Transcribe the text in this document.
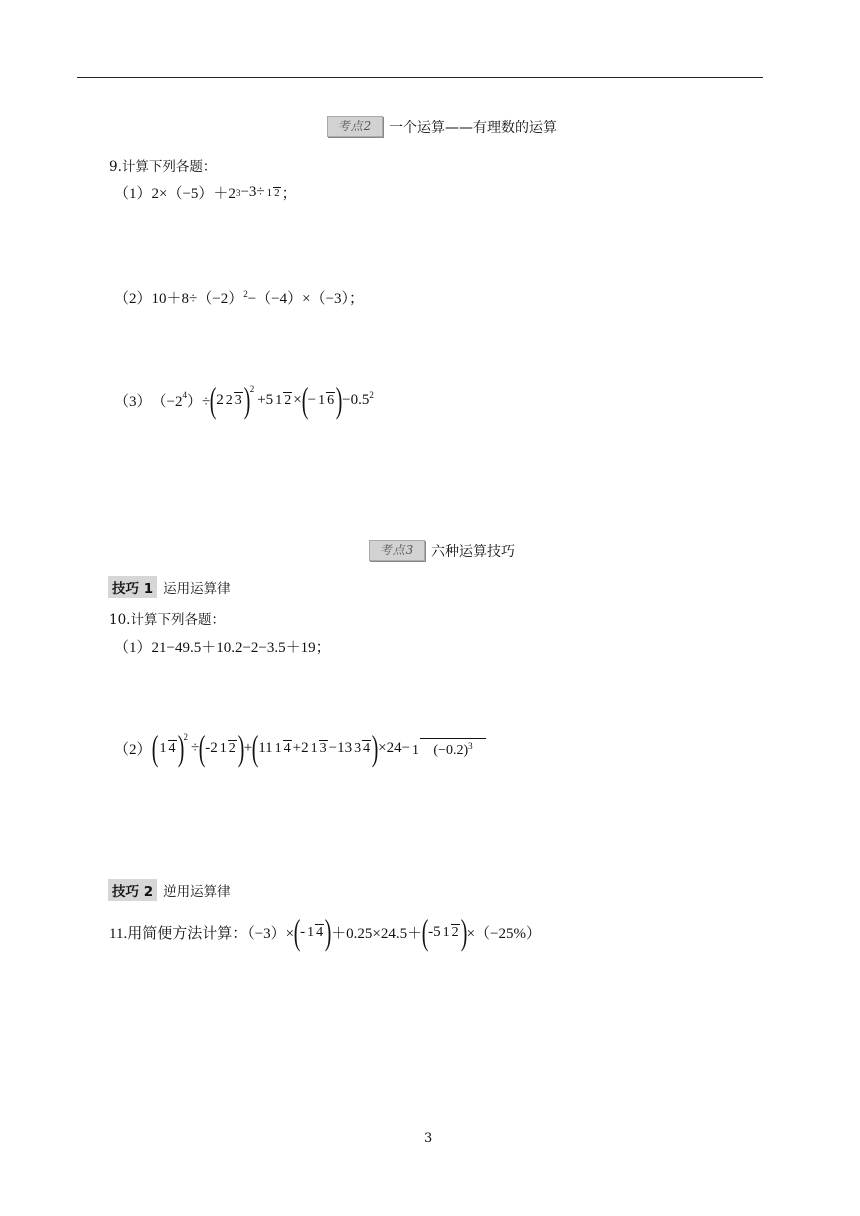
考点2 一个运算——有理数的运算
9.计算下列各题：
（1） 2×（−5）＋2 3 −3÷ 1 2 ；
（2） $10+8\div(-2)^2 -(-4)\times(-3)$；
（3） （$-2^4$ ）÷ ( 2 2 3 )$^2$
+5 1 2 × ( − 1 6 ) $-0.5^2$
考点3 六种运算技巧
技巧 1 运用运算律
10.计算下列各题：
（1） 21−49.5＋10.2−2−3.5＋19；
（2） ( 1 4 )$^2$
÷ ( -2 1 2 ) + ( 11 1 4 +2 1 3 −13 3 4 ) ×24− 1 $(-0.2)^3$
技巧 2 逆用运算律
11.用简便方法计算：（−3）× ( - 1 4 ) ＋0.25×24.5＋ ( -5 1 2 ) ×（−25%）
3
